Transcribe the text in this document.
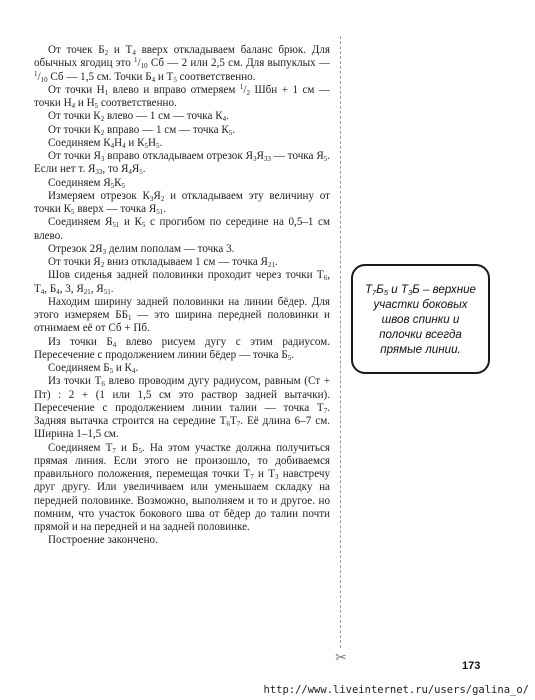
От точек $Б_2$ и $Т_4$ вверх откладываем баланс брюк. Для обычных ягодиц это $^1/_{10}$ Сб — 2 или 2,5 см. Для выпуклых — $^1/_{10}$ Сб — 1,5 см. Точки $Б_4$ и $Т_5$ соответственно.

От точки $Н_1$ влево и вправо отмеряем $^1/_2$ Шбн + 1 см — точки $Н_4$ и $Н_5$ соответственно.

От точки $К_2$ влево — 1 см — точка $К_4$.

От точки $К_2$ вправо — 1 см — точка $К_5$.

Соединяем $К_4Н_4$ и $К_5Н_5$.

От точки $Я_3$ вправо откладываем отрезок $Я_3Я_{33}$ — точка $Я_5$. Если нет т. $Я_{33}$, то $Я_4Я_5$.

Соединяем $Я_5К_5$

Измеряем отрезок $К_3Я_2$ и откладываем эту величину от точки $К_5$ вверх — точка $Я_{51}$.

Соединяем $Я_{51}$ и $К_5$ с прогибом по середине на 0,5–1 см влево.

Отрезок $2Я_3$ делим пополам — точка 3.

От точки $Я_2$ вниз откладываем 1 см — точка $Я_{21}$.

Шов сиденья задней половинки проходит через точки $Т_6$, $Т_4$, $Б_4$, 3, $Я_{21}$, $Я_{51}$.

Находим ширину задней половинки на линии бёдер. Для этого измеряем $ББ_1$ — это ширина передней половинки и отнимаем её от Сб + Пб.

Из точки $Б_4$ влево рисуем дугу с этим радиусом. Пересечение с продолжением линии бёдер — точка $Б_5$.

Соединяем $Б_5$ и $К_4$.

Из точки $Т_6$ влево проводим дугу радиусом, равным (Ст + Пт) : 2 + (1 или 1,5 см это раствор задней вытачки). Пересечение с продолжением линии талии — точка $Т_7$. Задняя вытачка строится на середине $Т_6Т_7$. Её длина 6–7 см. Ширина 1–1,5 см.

Соединяем $Т_7$ и $Б_5$. На этом участке должна получиться прямая линия. Если этого не произошло, то добиваемся правильного положения, перемещая точки $Т_7$ и $Т_3$ навстречу друг другу. Или увеличиваем или уменьшаем складку на передней половинке. Возможно, выполняем и то и другое. но помним, что участок бокового шва от бёдер до талии почти прямой и на передней и на задней половинке.

Построение закончено.

✂
$Т_7Б_5$ и $Т_3Б$ – верхние участки боковых швов спинки и полочки всегда прямые линии.
173
http://www.liveinternet.ru/users/galina_o/
